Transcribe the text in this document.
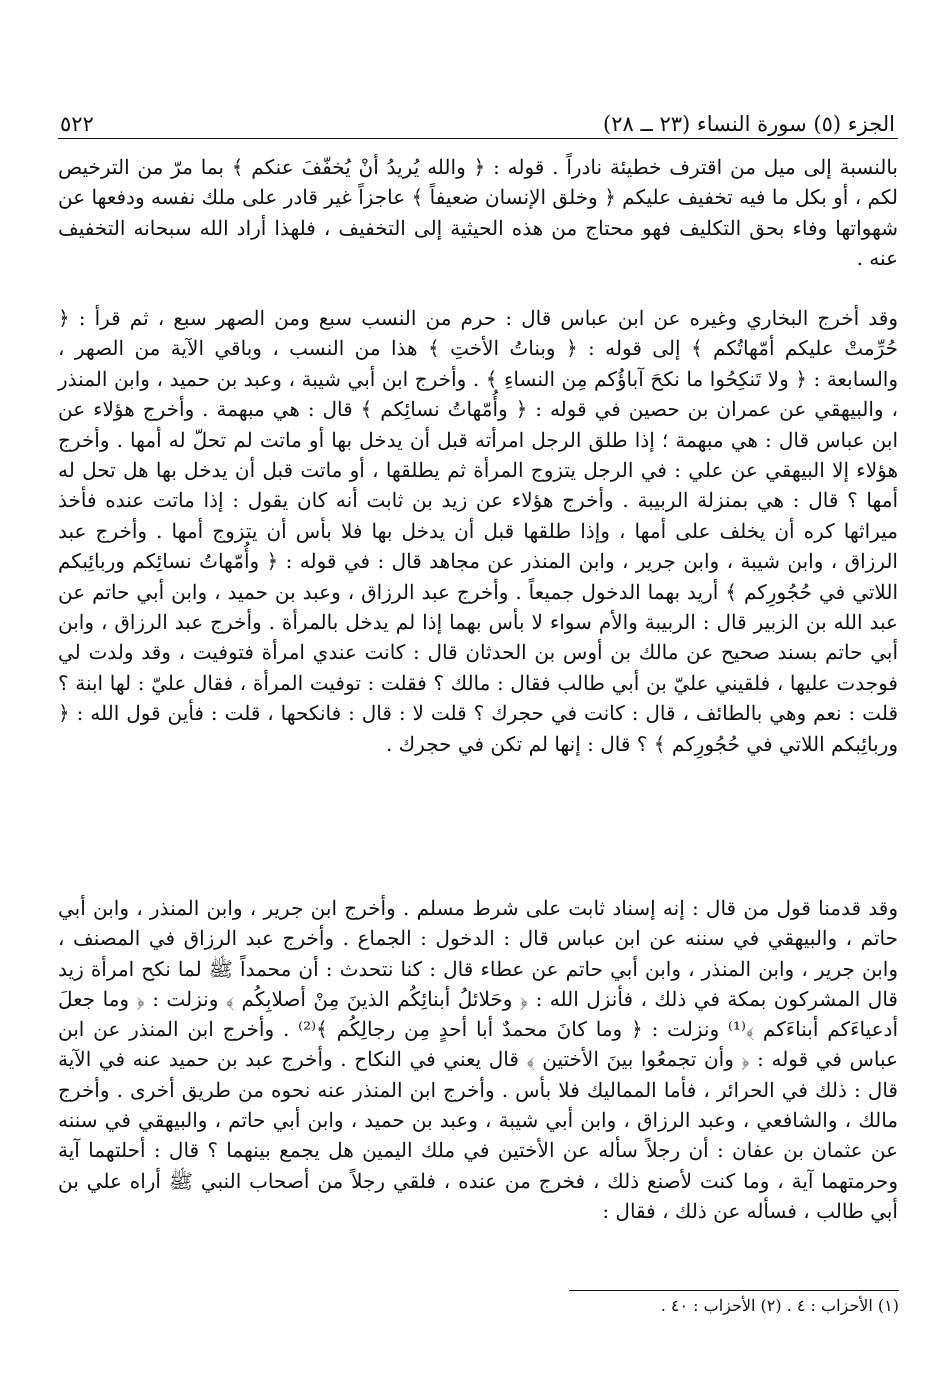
الجزء (٥) سورة النساء (٢٣ ــ ٢٨)
٥٢٢

بالنسبة إلى ميل من اقترف خطيئة نادراً . قوله : ﴿ والله يُريدُ أنْ يُخفّفَ عنكم ﴾ بما مرّ من الترخيص لكم ، أو بكل ما فيه تخفيف عليكم ﴿ وخلق الإنسان ضعيفاً ﴾ عاجزاً غير قادر على ملك نفسه ودفعها عن شهواتها وفاء بحق التكليف فهو محتاج من هذه الحيثية إلى التخفيف ، فلهذا أراد الله سبحانه التخفيف عنه .

وقد أخرج البخاري وغيره عن ابن عباس قال : حرم من النسب سبع ومن الصهر سبع ، ثم قرأ : ﴿ حُرِّمتْ عليكم أمّهاتُكم ﴾ إلى قوله : ﴿ وبناتُ الأختِ ﴾ هذا من النسب ، وباقي الآية من الصهر ، والسابعة : ﴿ ولا تَنكِحُوا ما نكحَ آباؤُكم مِن النساءِ ﴾ . وأخرج ابن أبي شيبة ، وعبد بن حميد ، وابن المنذر ، والبيهقي عن عمران بن حصين في قوله : ﴿ وأُمّهاتُ نسائِكم ﴾ قال : هي مبهمة . وأخرج هؤلاء عن ابن عباس قال : هي مبهمة ؛ إذا طلق الرجل امرأته قبل أن يدخل بها أو ماتت لم تحلّ له أمها . وأخرج هؤلاء إلا البيهقي عن علي : في الرجل يتزوج المرأة ثم يطلقها ، أو ماتت قبل أن يدخل بها هل تحل له أمها ؟ قال : هي بمنزلة الربيبة . وأخرج هؤلاء عن زيد بن ثابت أنه كان يقول : إذا ماتت عنده فأخذ ميراثها كره أن يخلف على أمها ، وإذا طلقها قبل أن يدخل بها فلا بأس أن يتزوج أمها . وأخرج عبد الرزاق ، وابن شيبة ، وابن جرير ، وابن المنذر عن مجاهد قال : في قوله : ﴿ وأُمّهاتُ نسائِكم وربائِبكم اللاتي في حُجُورِكم ﴾ أريد بهما الدخول جميعاً . وأخرج عبد الرزاق ، وعبد بن حميد ، وابن أبي حاتم عن عبد الله بن الزبير قال : الربيبة والأم سواء لا بأس بهما إذا لم يدخل بالمرأة . وأخرج عبد الرزاق ، وابن أبي حاتم بسند صحيح عن مالك بن أوس بن الحدثان قال : كانت عندي امرأة فتوفيت ، وقد ولدت لي فوجدت عليها ، فلقيني عليّ بن أبي طالب فقال : مالك ؟ فقلت : توفيت المرأة ، فقال عليّ : لها ابنة ؟ قلت : نعم وهي بالطائف ، قال : كانت في حجرك ؟ قلت لا : قال : فانكحها ، قلت : فأين قول الله : ﴿ وربائِبكم اللاتي في حُجُورِكم ﴾ ؟ قال : إنها لم تكن في حجرك .

وقد قدمنا قول من قال : إنه إسناد ثابت على شرط مسلم . وأخرج ابن جرير ، وابن المنذر ، وابن أبي حاتم ، والبيهقي في سننه عن ابن عباس قال : الدخول : الجماع . وأخرج عبد الرزاق في المصنف ، وابن جرير ، وابن المنذر ، وابن أبي حاتم عن عطاء قال : كنا نتحدث : أن محمداً ﷺ لما نكح امرأة زيد قال المشركون بمكة في ذلك ، فأنزل الله : ﴿ وحَلائلُ أبنائِكُم الذينَ مِنْ أصلابِكُم ﴾ ونزلت : ﴿ وما جعلَ أدعياءَكم أبناءَكم ﴾⁽¹⁾ ونزلت : ﴿ وما كانَ محمدٌ أبا أحدٍ مِن رجالِكُم ﴾⁽²⁾ . وأخرج ابن المنذر عن ابن عباس في قوله : ﴿ وأن تجمعُوا بينَ الأختين ﴾ قال يعني في النكاح . وأخرج عبد بن حميد عنه في الآية قال : ذلك في الحرائر ، فأما المماليك فلا بأس . وأخرج ابن المنذر عنه نحوه من طريق أخرى . وأخرج مالك ، والشافعي ، وعبد الرزاق ، وابن أبي شيبة ، وعبد بن حميد ، وابن أبي حاتم ، والبيهقي في سننه عن عثمان بن عفان : أن رجلاً سأله عن الأختين في ملك اليمين هل يجمع بينهما ؟ قال : أحلتهما آية وحرمتهما آية ، وما كنت لأصنع ذلك ، فخرج من عنده ، فلقي رجلاً من أصحاب النبي ﷺ أراه علي بن أبي طالب ، فسأله عن ذلك ، فقال :

(١) الأحزاب : ٤ . (٢) الأحزاب : ٤٠ .
